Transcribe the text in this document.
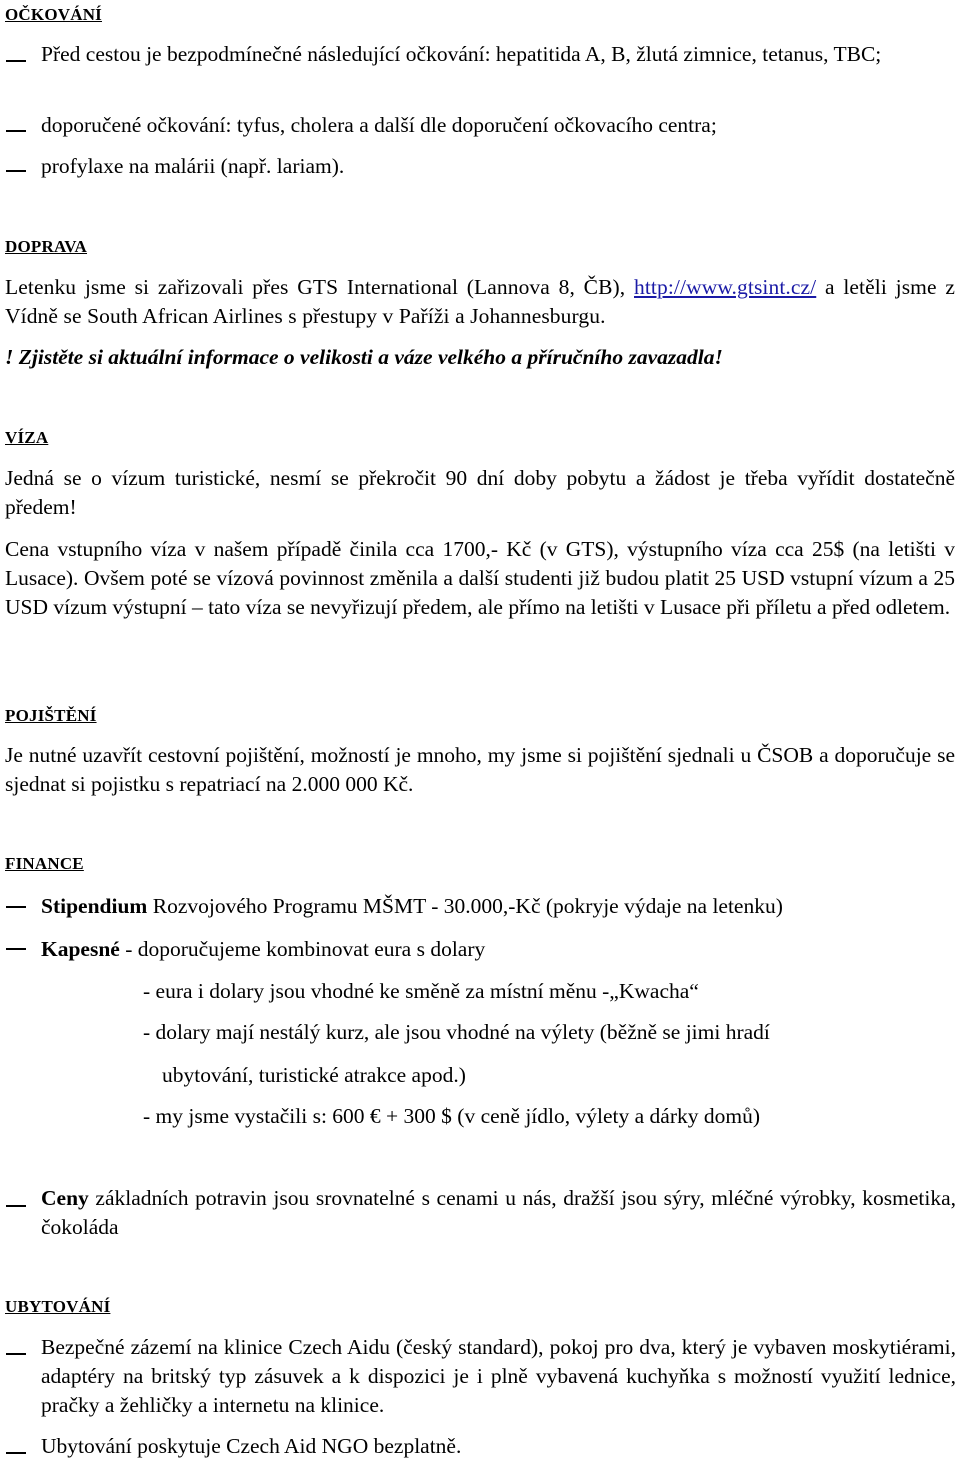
OČKOVÁNÍ
Před cestou je bezpodmínečné následující očkování: hepatitida A, B, žlutá zimnice, tetanus, TBC;
doporučené očkování: tyfus, cholera a další dle doporučení očkovacího centra;
profylaxe na malárii (např. lariam).
DOPRAVA
Letenku jsme si zařizovali přes GTS International (Lannova 8, ČB), http://www.gtsint.cz/ a letěli jsme z Vídně se South African Airlines s přestupy v Paříži a Johannesburgu.
! Zjistěte si aktuální informace o velikosti a váze velkého a příručního zavazadla!
VÍZA
Jedná se o vízum turistické, nesmí se překročit 90 dní doby pobytu a žádost je třeba vyřídit dostatečně předem!
Cena vstupního víza v našem případě činila cca 1700,- Kč (v GTS), výstupního víza cca 25$ (na letišti v Lusace). Ovšem poté se vízová povinnost změnila a další studenti již budou platit 25 USD vstupní vízum a 25 USD vízum výstupní – tato víza se nevyřizují předem, ale přímo na letišti v Lusace při příletu a před odletem.
POJIŠTĚNÍ
Je nutné uzavřít cestovní pojištění, možností je mnoho, my jsme si pojištění sjednali u ČSOB a doporučuje se sjednat si pojistku s repatriací na 2.000 000 Kč.
FINANCE
Stipendium Rozvojového Programu MŠMT - 30.000,-Kč (pokryje výdaje na letenku)
Kapesné - doporučujeme kombinovat eura s dolary
- eura i dolary jsou vhodné ke směně za místní měnu -„Kwacha“
- dolary mají nestálý kurz, ale jsou vhodné na výlety (běžně se jimi hradí
ubytování, turistické atrakce apod.)
- my jsme vystačili s: 600 € + 300 $ (v ceně jídlo, výlety a dárky domů)
Ceny základních potravin jsou srovnatelné s cenami u nás, dražší jsou sýry, mléčné výrobky, kosmetika, čokoláda
UBYTOVÁNÍ
Bezpečné zázemí na klinice Czech Aidu (český standard), pokoj pro dva, který je vybaven moskytiérami, adaptéry na britský typ zásuvek a k dispozici je i plně vybavená kuchyňka s možností využití lednice, pračky a žehličky a internetu na klinice.
Ubytování poskytuje Czech Aid NGO bezplatně.
